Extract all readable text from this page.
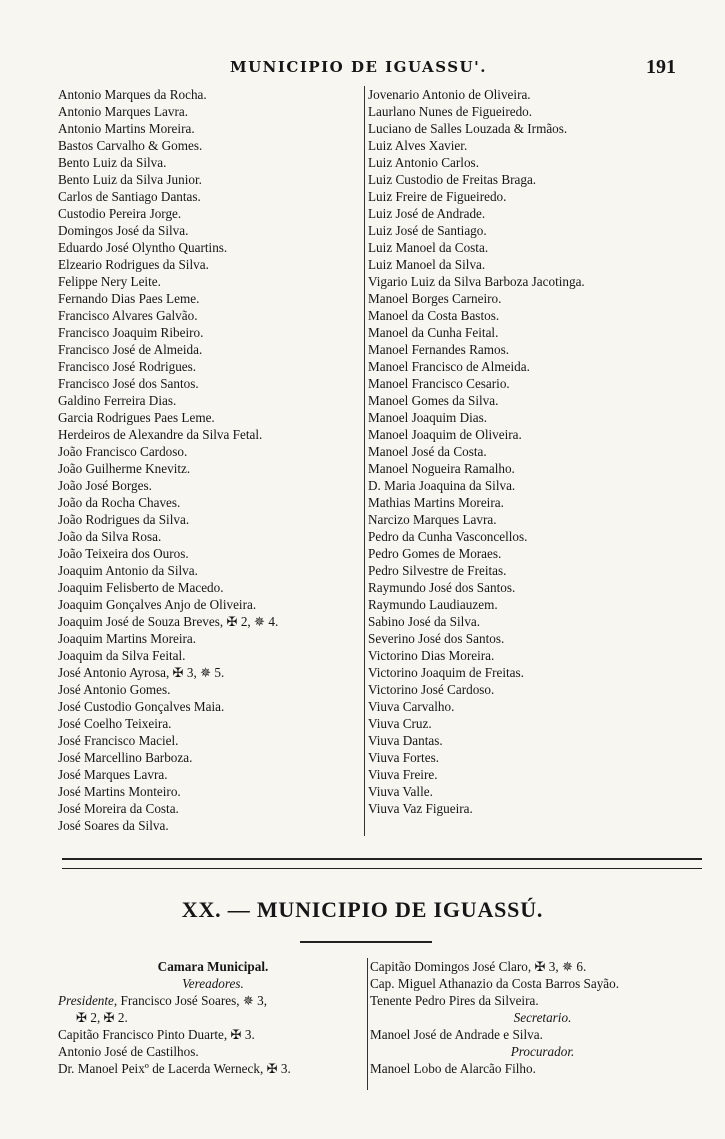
MUNICIPIO DE IGUASSU'.	191
Antonio Marques da Rocha.
Antonio Marques Lavra.
Antonio Martins Moreira.
Bastos Carvalho & Gomes.
Bento Luiz da Silva.
Bento Luiz da Silva Junior.
Carlos de Santiago Dantas.
Custodio Pereira Jorge.
Domingos José da Silva.
Eduardo José Olyntho Quartins.
Elzeario Rodrigues da Silva.
Felippe Nery Leite.
Fernando Dias Paes Leme.
Francisco Alvares Galvão.
Francisco Joaquim Ribeiro.
Francisco José de Almeida.
Francisco José Rodrigues.
Francisco José dos Santos.
Galdino Ferreira Dias.
Garcia Rodrigues Paes Leme.
Herdeiros de Alexandre da Silva Fetal.
João Francisco Cardoso.
João Guilherme Knevitz.
João José Borges.
João da Rocha Chaves.
João Rodrigues da Silva.
João da Silva Rosa.
João Teixeira dos Ouros.
Joaquim Antonio da Silva.
Joaquim Felisberto de Macedo.
Joaquim Gonçalves Anjo de Oliveira.
Joaquim José de Souza Breves, ✠ 2, ✵ 4.
Joaquim Martins Moreira.
Joaquim da Silva Feital.
José Antonio Ayrosa, ✠ 3, ✵ 5.
José Antonio Gomes.
José Custodio Gonçalves Maia.
José Coelho Teixeira.
José Francisco Maciel.
José Marcellino Barboza.
José Marques Lavra.
José Martins Monteiro.
José Moreira da Costa.
José Soares da Silva.
Jovenario Antonio de Oliveira.
Laurlano Nunes de Figueiredo.
Luciano de Salles Louzada & Irmãos.
Luiz Alves Xavier.
Luiz Antonio Carlos.
Luiz Custodio de Freitas Braga.
Luiz Freire de Figueiredo.
Luiz José de Andrade.
Luiz José de Santiago.
Luiz Manoel da Costa.
Luiz Manoel da Silva.
Vigario Luiz da Silva Barboza Jacotinga.
Manoel Borges Carneiro.
Manoel da Costa Bastos.
Manoel da Cunha Feital.
Manoel Fernandes Ramos.
Manoel Francisco de Almeida.
Manoel Francisco Cesario.
Manoel Gomes da Silva.
Manoel Joaquim Dias.
Manoel Joaquim de Oliveira.
Manoel José da Costa.
Manoel Nogueira Ramalho.
D. Maria Joaquina da Silva.
Mathias Martins Moreira.
Narcizo Marques Lavra.
Pedro da Cunha Vasconcellos.
Pedro Gomes de Moraes.
Pedro Silvestre de Freitas.
Raymundo José dos Santos.
Raymundo Laudiauzem.
Sabino José da Silva.
Severino José dos Santos.
Victorino Dias Moreira.
Victorino Joaquim de Freitas.
Victorino José Cardoso.
Viuva Carvalho.
Viuva Cruz.
Viuva Dantas.
Viuva Fortes.
Viuva Freire.
Viuva Valle.
Viuva Vaz Figueira.
XX. — MUNICIPIO DE IGUASSÚ.
Camara Municipal.
Vereadores.
Presidente, Francisco José Soares, ✵ 3,
✠ 2, ✠ 2.
Capitão Francisco Pinto Duarte, ✠ 3.
Antonio José de Castilhos.
Dr. Manoel Peixº de Lacerda Werneck, ✠ 3.
Capitão Domingos José Claro, ✠ 3, ✵ 6.
Cap. Miguel Athanazio da Costa Barros Sayão.
Tenente Pedro Pires da Silveira.
Secretario.
Manoel José de Andrade e Silva.
Procurador.
Manoel Lobo de Alarcão Filho.
